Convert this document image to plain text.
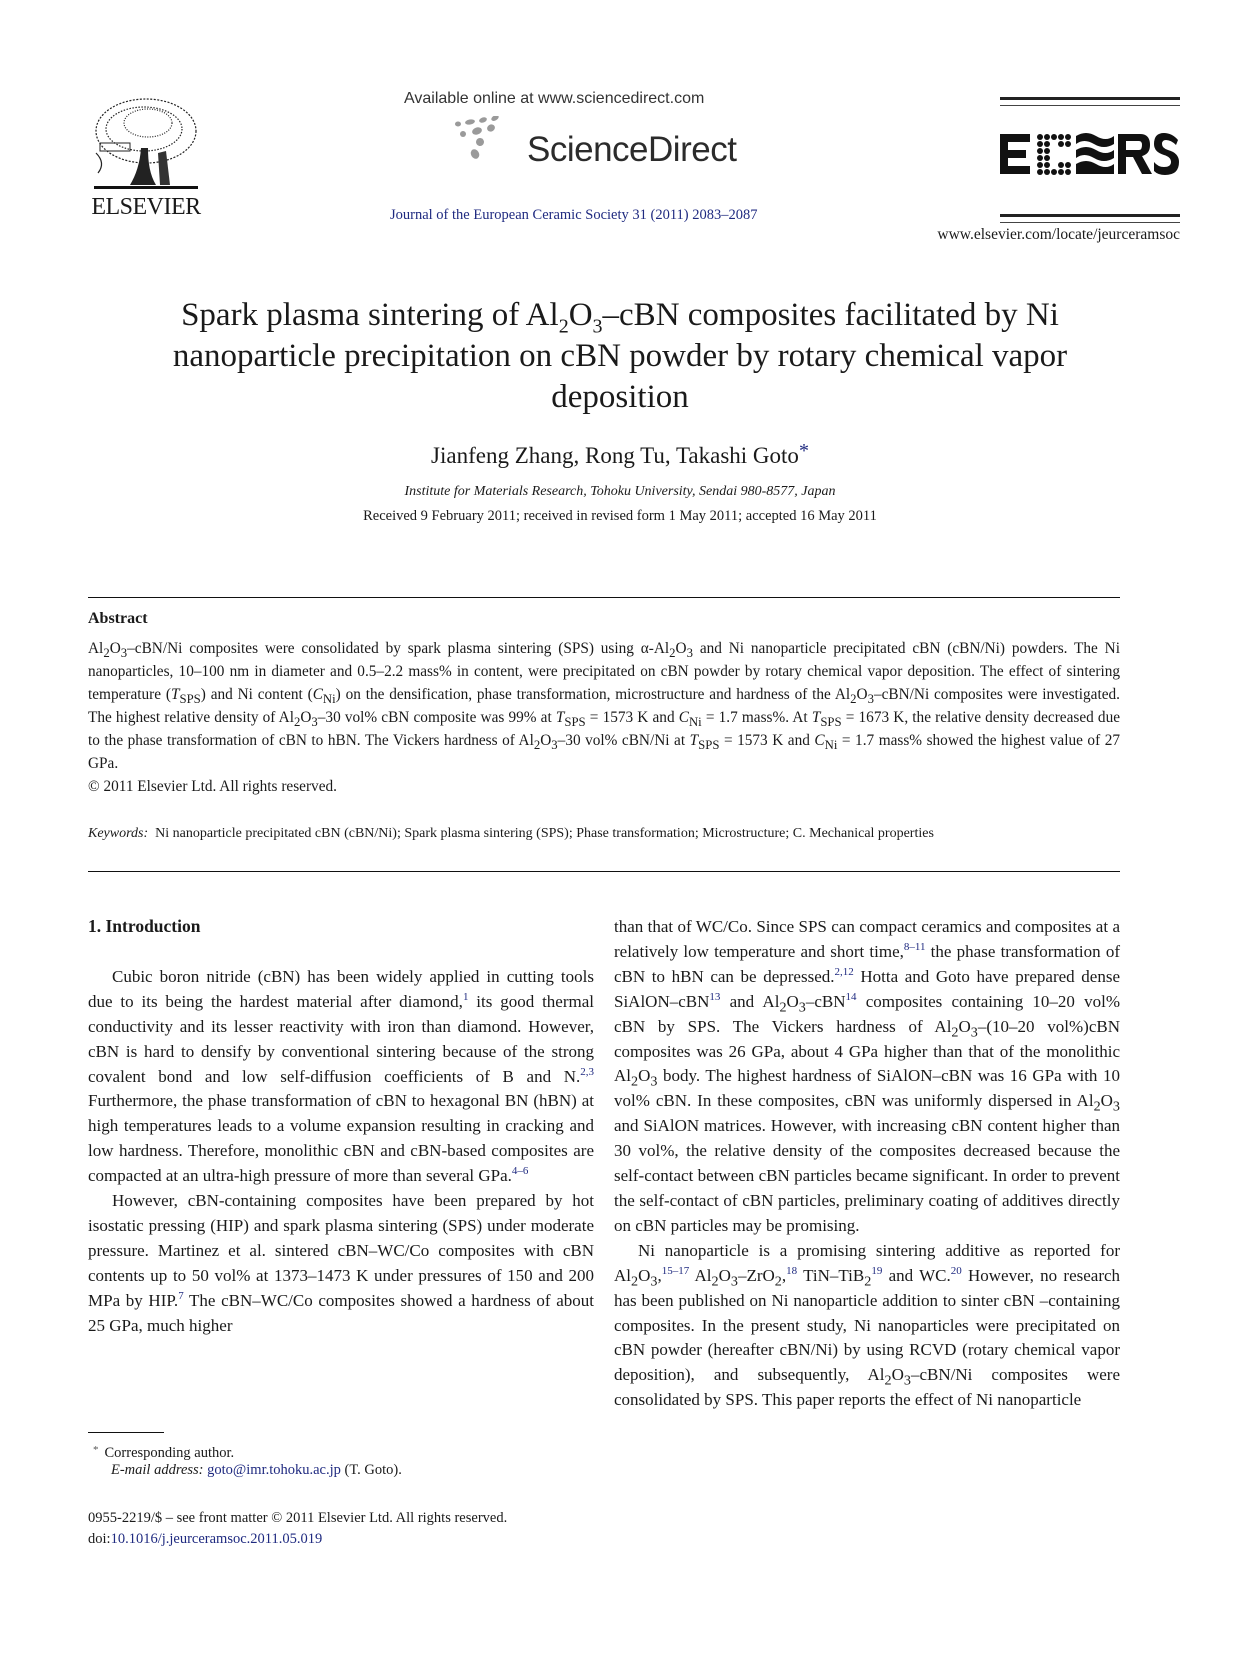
ELSEVIER
Available online at www.sciencedirect.com
ScienceDirect
Journal of the European Ceramic Society 31 (2011) 2083–2087
www.elsevier.com/locate/jeurceramsoc
Spark plasma sintering of $Al_2O_3$–cBN composites facilitated by Ni nanoparticle precipitation on cBN powder by rotary chemical vapor deposition
Jianfeng Zhang, Rong Tu, Takashi Goto*
Institute for Materials Research, Tohoku University, Sendai 980-8577, Japan
Received 9 February 2011; received in revised form 1 May 2011; accepted 16 May 2011
Abstract
$Al_2O_3-cBN/Ni$ composites were consolidated by spark plasma sintering (SPS) using $\alpha-Al_2O_3$ and Ni nanoparticle precipitated cBN (cBN/Ni) powders. The Ni nanoparticles, 10–100 nm in diameter and 0.5–2.2 mass% in content, were precipitated on cBN powder by rotary chemical vapor deposition. The effect of sintering temperature $(T_{SPS})$ and Ni content $(C_{Ni})$ on the densification, phase transformation, microstructure and hardness of the $Al_2O_3-cBN/Ni$ composites were investigated. The highest relative density of $Al_2O_3-30$ vol% cBN composite was 99% at $T_{SPS} = 1573$ K and $C_{Ni} = 1.7$ mass%. At $T_{SPS} = 1673$ K, the relative density decreased due to the phase transformation of cBN to hBN. The Vickers hardness of $Al_2O_3-30$ vol% cBN/Ni at $T_{SPS} = 1573$ K and $C_{Ni} = 1.7$ mass% showed the highest value of 27 GPa.
© 2011 Elsevier Ltd. All rights reserved.
Keywords: Ni nanoparticle precipitated cBN (cBN/Ni); Spark plasma sintering (SPS); Phase transformation; Microstructure; C. Mechanical properties
1. Introduction

Cubic boron nitride (cBN) has been widely applied in cutting tools due to its being the hardest material after diamond,$^1$ its good thermal conductivity and its lesser reactivity with iron than diamond. However, cBN is hard to densify by conventional sintering because of the strong covalent bond and low self-diffusion coefficients of B and N.$^{2,3}$ Furthermore, the phase transformation of cBN to hexagonal BN (hBN) at high temperatures leads to a volume expansion resulting in cracking and low hardness. Therefore, monolithic cBN and cBN-based composites are compacted at an ultra-high pressure of more than several GPa.$^{4-6}$

However, cBN-containing composites have been prepared by hot isostatic pressing (HIP) and spark plasma sintering (SPS) under moderate pressure. Martinez et al. sintered cBN–WC/Co composites with cBN contents up to 50 vol% at 1373–1473 K under pressures of 150 and 200 MPa by HIP.$^7$ The cBN–WC/Co composites showed a hardness of about 25 GPa, much higher

than that of WC/Co. Since SPS can compact ceramics and composites at a relatively low temperature and short time,$^{8-11}$ the phase transformation of cBN to hBN can be depressed.$^{2,12}$ Hotta and Goto have prepared dense SiAlON–cBN$^{13}$ and $Al_2O_3-cBN^{14}$ composites containing 10–20 vol% cBN by SPS. The Vickers hardness of $Al_2O_3-(10-20$ vol%)cBN composites was 26 GPa, about 4 GPa higher than that of the monolithic $Al_2O_3$ body. The highest hardness of SiAlON–cBN was 16 GPa with 10 vol% cBN. In these composites, cBN was uniformly dispersed in $Al_2O_3$ and SiAlON matrices. However, with increasing cBN content higher than 30 vol%, the relative density of the composites decreased because the self-contact between cBN particles became significant. In order to prevent the self-contact of cBN particles, preliminary coating of additives directly on cBN particles may be promising.

Ni nanoparticle is a promising sintering additive as reported for $Al_2O_3,^{15-17}$ $Al_2O_3-ZrO_2,^{18}$ TiN–TiB$_2^{19}$ and WC.$^{20}$ However, no research has been published on Ni nanoparticle addition to sinter cBN –containing composites. In the present study, Ni nanoparticles were precipitated on cBN powder (hereafter cBN/Ni) by using RCVD (rotary chemical vapor deposition), and subsequently, $Al_2O_3-cBN/Ni$ composites were consolidated by SPS. This paper reports the effect of Ni nanoparticle

* Corresponding author.
E-mail address: goto@imr.tohoku.ac.jp (T. Goto).
0955-2219/$ – see front matter © 2011 Elsevier Ltd. All rights reserved.
doi:10.1016/j.jeurceramsoc.2011.05.019
